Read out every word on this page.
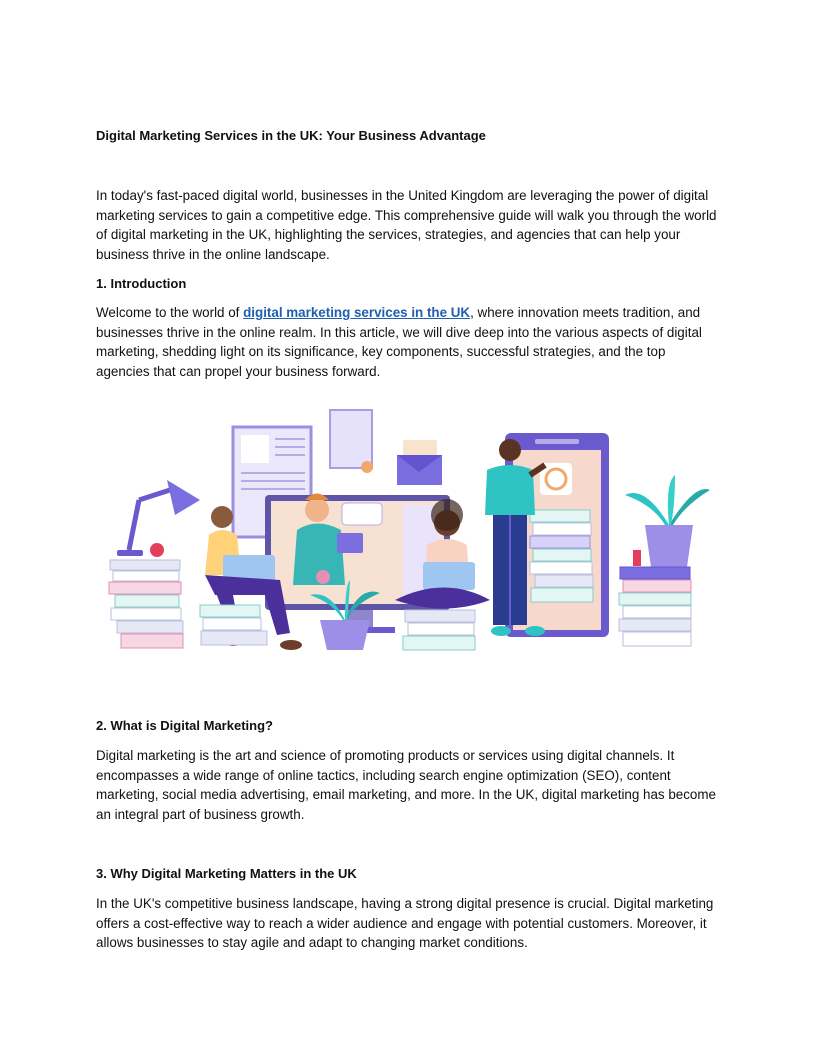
Digital Marketing Services in the UK: Your Business Advantage

In today's fast-paced digital world, businesses in the United Kingdom are leveraging the power of digital marketing services to gain a competitive edge. This comprehensive guide will walk you through the world of digital marketing in the UK, highlighting the services, strategies, and agencies that can help your business thrive in the online landscape.

1. Introduction

Welcome to the world of digital marketing services in the UK, where innovation meets tradition, and businesses thrive in the online realm. In this article, we will dive deep into the various aspects of digital marketing, shedding light on its significance, key components, successful strategies, and the top agencies that can propel your business forward.

2. What is Digital Marketing?

Digital marketing is the art and science of promoting products or services using digital channels. It encompasses a wide range of online tactics, including search engine optimization (SEO), content marketing, social media advertising, email marketing, and more. In the UK, digital marketing has become an integral part of business growth.

3. Why Digital Marketing Matters in the UK

In the UK's competitive business landscape, having a strong digital presence is crucial. Digital marketing offers a cost-effective way to reach a wider audience and engage with potential customers. Moreover, it allows businesses to stay agile and adapt to changing market conditions.
